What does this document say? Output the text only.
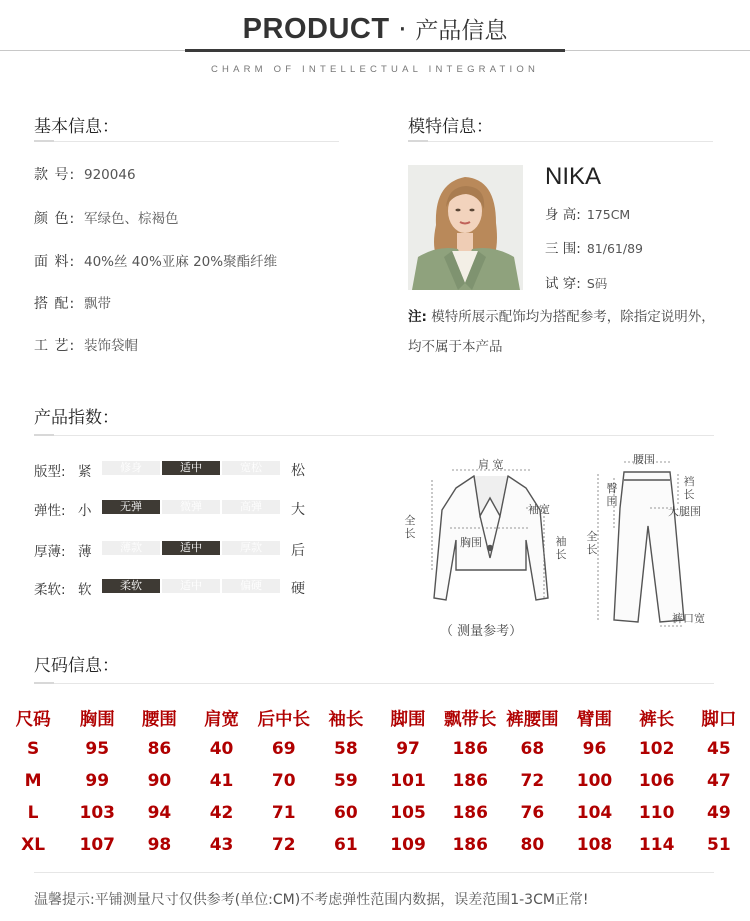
PRODUCT · 产品信息
CHARM OF INTELLECTUAL INTEGRATION
基本信息：
款 号: 920046
颜 色: 军绿色、棕褐色
面 料: 40%丝 40%亚麻 20%聚酯纤维
搭 配: 飘带
工 艺: 装饰袋帽
模特信息：
NIKA
身 高: 175CM
三 围: 81/61/89
试 穿: S码
注: 模特所展示配饰均为搭配参考，除指定说明外，均不属于本产品
产品指数：
版型: 紧	修身	适中	宽松	松
弹性: 小	无弹	微弹	高弹	大
厚薄: 薄	薄款	适中	厚款	后
柔软: 软	柔软	适中	偏硬	硬
肩 宽
全长
袖宽
袖长
胸围
腰围
臀围
裆长
大腿围
全长
裤口宽
（ 测量参考）
尺码信息：
尺码	胸围	腰围	肩宽	后中长	袖长	脚围	飘带长	裤腰围	臂围	裤长	脚口
S	95	86	40	69	58	97	186	68	96	102	45
M	99	90	41	70	59	101	186	72	100	106	47
L	103	94	42	71	60	105	186	76	104	110	49
XL	107	98	43	72	61	109	186	80	108	114	51
温馨提示:平铺测量尺寸仅供参考(单位:CM)不考虑弹性范围内数据，误差范围1-3CM正常!
